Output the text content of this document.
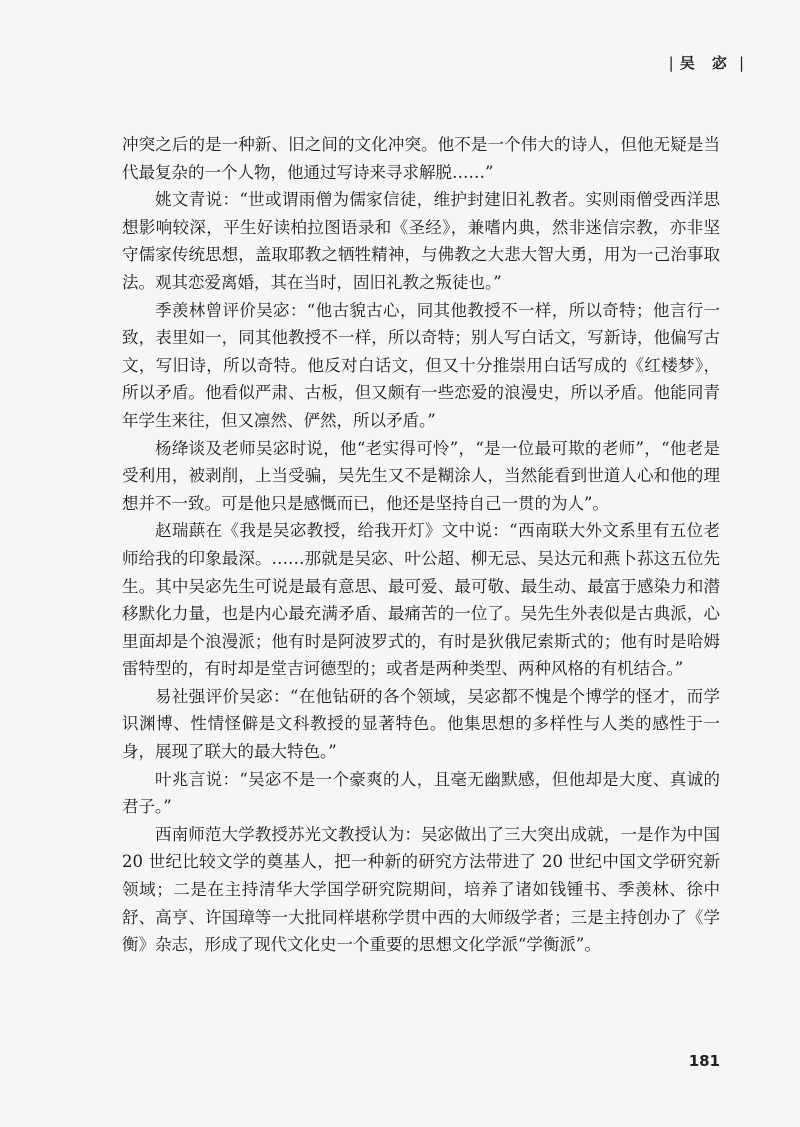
| 吴 宓 |

冲突之后的是一种新、旧之间的文化冲突。他不是一个伟大的诗人，但他无疑是当代最复杂的一个人物，他通过写诗来寻求解脱……”

姚文青说：“世或谓雨僧为儒家信徒，维护封建旧礼教者。实则雨僧受西洋思想影响较深，平生好读柏拉图语录和《圣经》，兼嗜内典，然非迷信宗教，亦非坚守儒家传统思想，盖取耶教之牺牲精神，与佛教之大悲大智大勇，用为一己治事取法。观其恋爱离婚，其在当时，固旧礼教之叛徒也。”

季羡林曾评价吴宓：“他古貌古心，同其他教授不一样，所以奇特；他言行一致，表里如一，同其他教授不一样，所以奇特；别人写白话文，写新诗，他偏写古文，写旧诗，所以奇特。他反对白话文，但又十分推崇用白话写成的《红楼梦》，所以矛盾。他看似严肃、古板，但又颇有一些恋爱的浪漫史，所以矛盾。他能同青年学生来往，但又凛然、俨然，所以矛盾。”

杨绛谈及老师吴宓时说，他“老实得可怜”，“是一位最可欺的老师”，“他老是受利用，被剥削，上当受骗，吴先生又不是糊涂人，当然能看到世道人心和他的理想并不一致。可是他只是感慨而已，他还是坚持自己一贯的为人”。

赵瑞蕻在《我是吴宓教授，给我开灯》文中说：“西南联大外文系里有五位老师给我的印象最深。……那就是吴宓、叶公超、柳无忌、吴达元和燕卜荪这五位先生。其中吴宓先生可说是最有意思、最可爱、最可敬、最生动、最富于感染力和潜移默化力量，也是内心最充满矛盾、最痛苦的一位了。吴先生外表似是古典派，心里面却是个浪漫派；他有时是阿波罗式的，有时是狄俄尼索斯式的；他有时是哈姆雷特型的，有时却是堂吉诃德型的；或者是两种类型、两种风格的有机结合。”

易社强评价吴宓：“在他钻研的各个领域，吴宓都不愧是个博学的怪才，而学识渊博、性情怪僻是文科教授的显著特色。他集思想的多样性与人类的感性于一身，展现了联大的最大特色。”

叶兆言说：“吴宓不是一个豪爽的人，且毫无幽默感，但他却是大度、真诚的君子。”

西南师范大学教授苏光文教授认为：吴宓做出了三大突出成就，一是作为中国 20 世纪比较文学的奠基人，把一种新的研究方法带进了 20 世纪中国文学研究新领域；二是在主持清华大学国学研究院期间，培养了诸如钱锺书、季羡林、徐中舒、高亨、许国璋等一大批同样堪称学贯中西的大师级学者；三是主持创办了《学衡》杂志，形成了现代文化史一个重要的思想文化学派“学衡派”。

181
